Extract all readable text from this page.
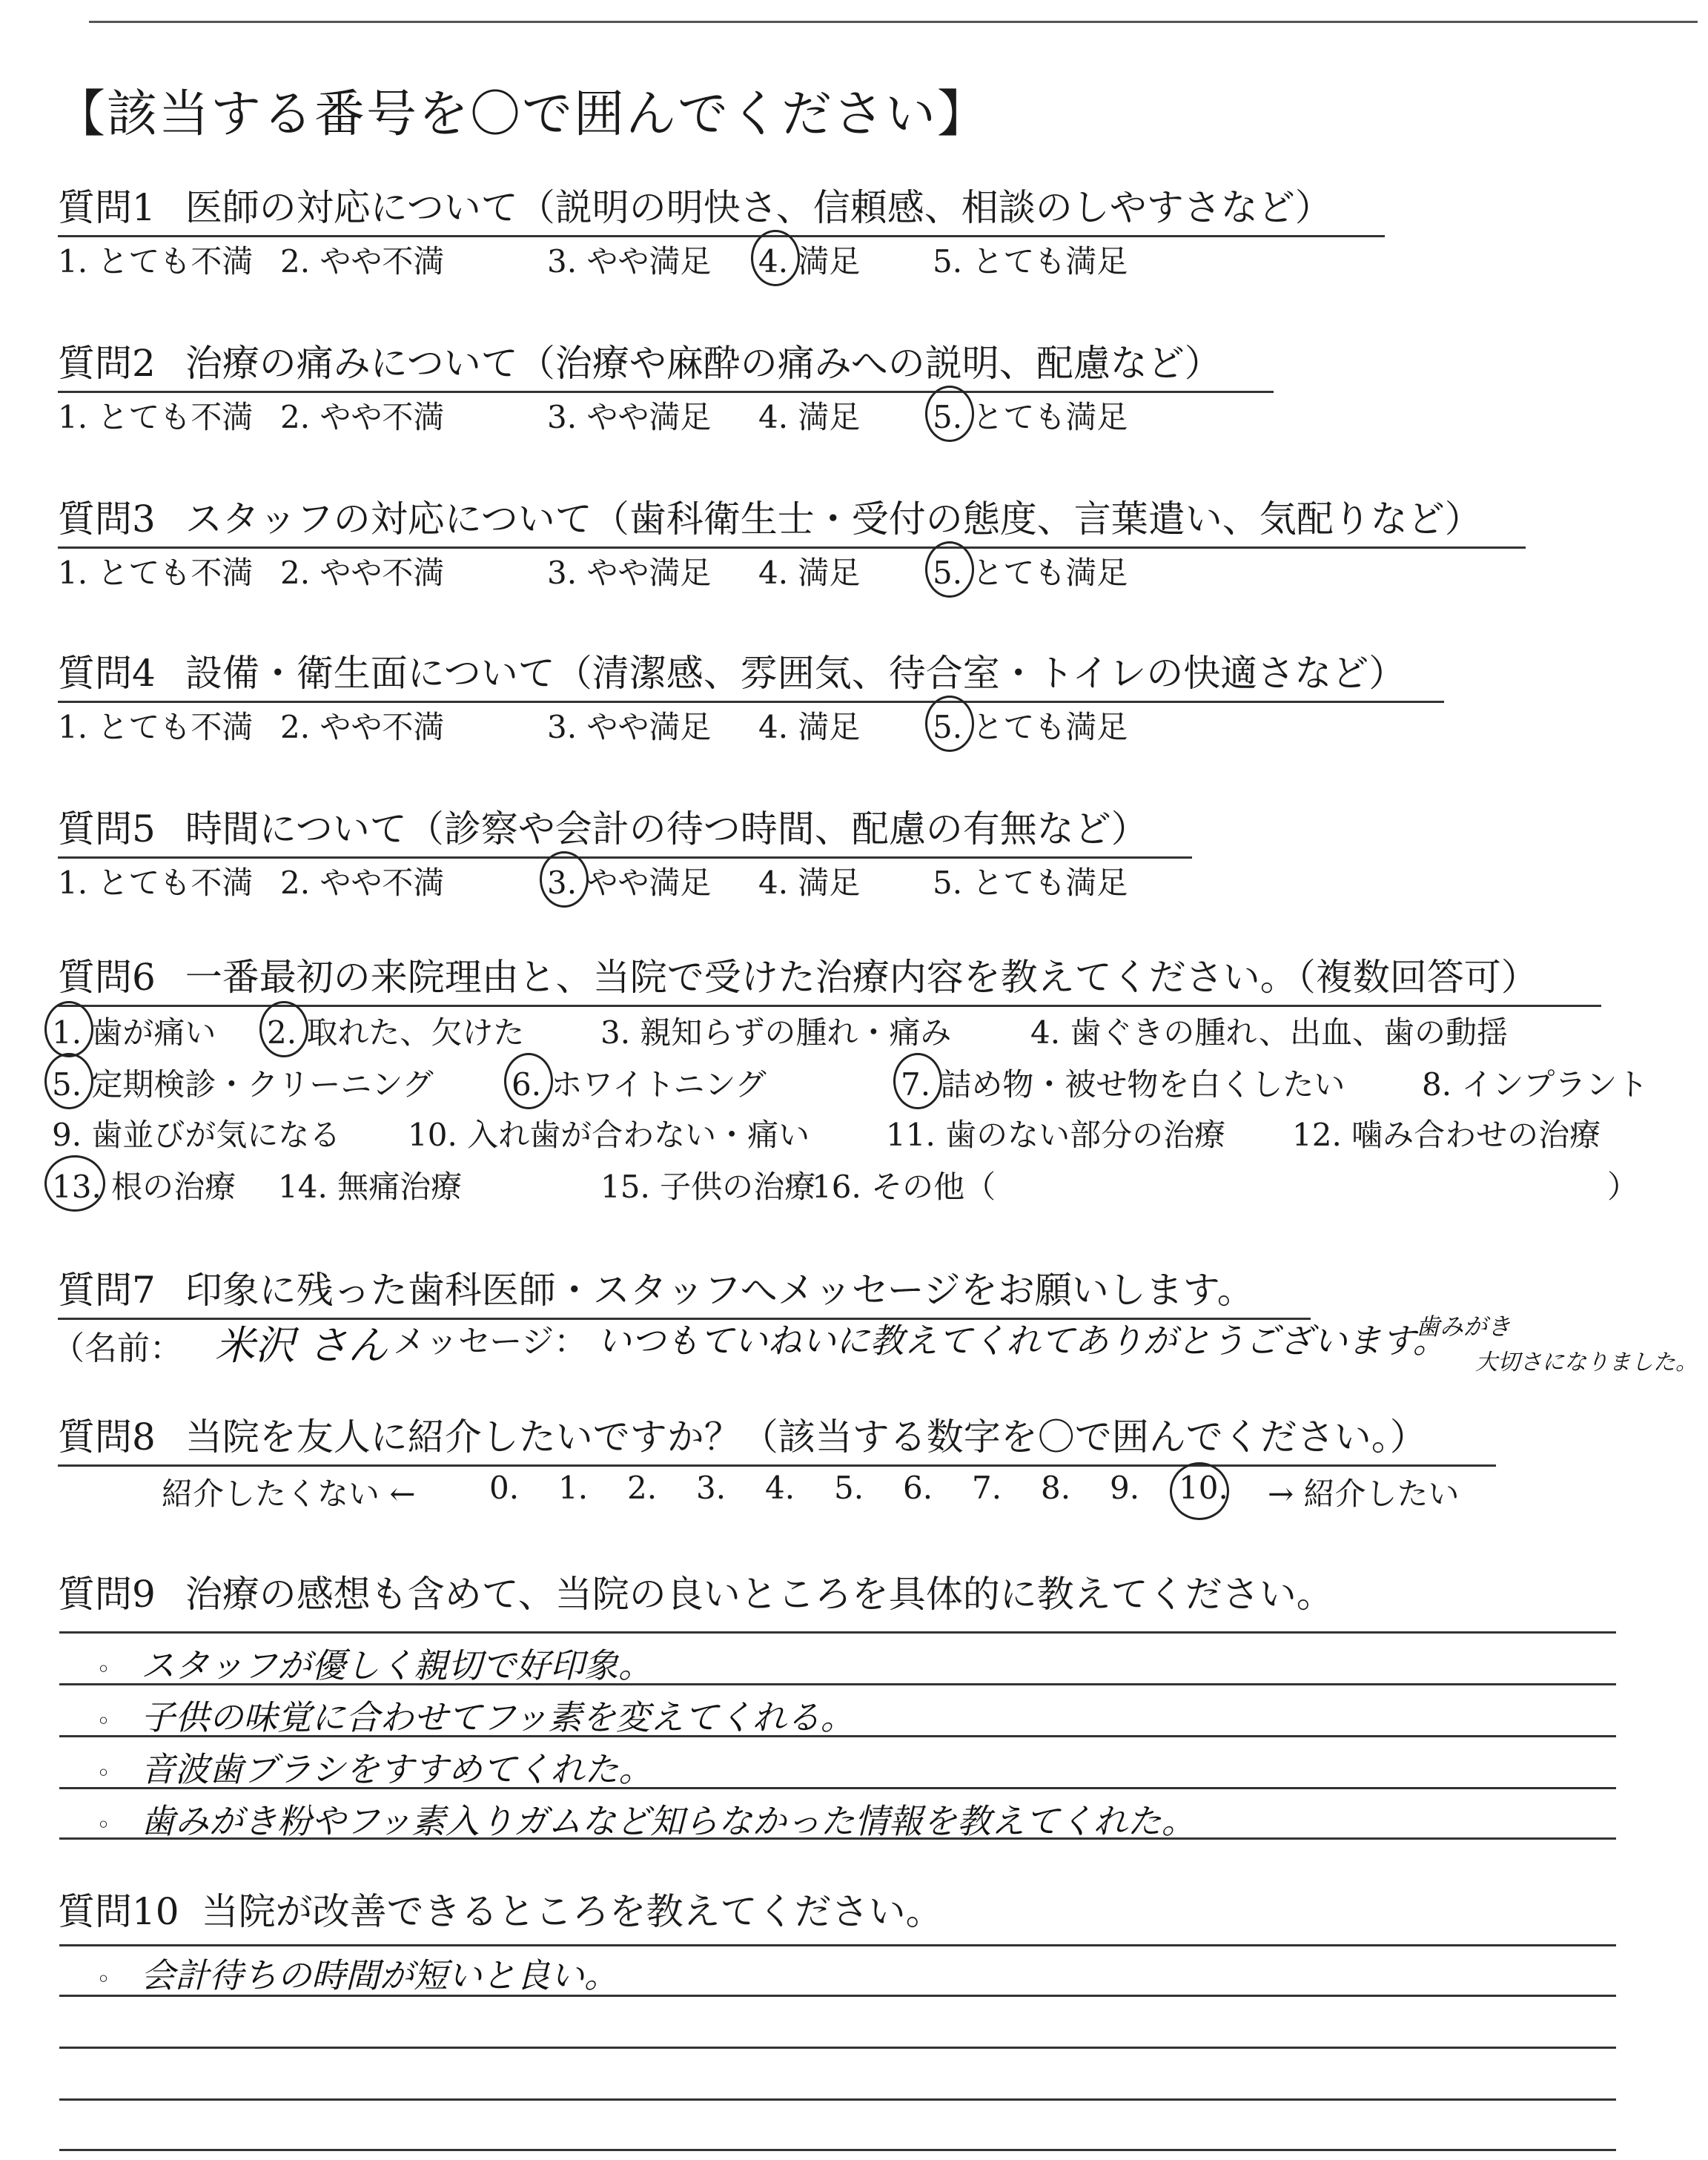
【該当する番号を〇で囲んでください】
質問1 医師の対応について（説明の明快さ、信頼感、相談のしやすさなど）
1. とても不満 2. やや不満	3. やや満足 4. 満足 5. とても満足
質問2 治療の痛みについて（治療や麻酔の痛みへの説明、配慮など）
1. とても不満 2. やや不満	3. やや満足 4. 満足 5. とても満足
質問3 スタッフの対応について（歯科衛生士・受付の態度、言葉遣い、気配りなど）
1. とても不満 2. やや不満	3. やや満足 4. 満足 5. とても満足
質問4 設備・衛生面について（清潔感、雰囲気、待合室・トイレの快適さなど）
1. とても不満 2. やや不満	3. やや満足 4. 満足 5. とても満足
質問5 時間について（診察や会計の待つ時間、配慮の有無など）
1. とても不満 2. やや不満	3. やや満足 4. 満足 5. とても満足
質問6 一番最初の来院理由と、当院で受けた治療内容を教えてください。（複数回答可）
1. 歯が痛い 2. 取れた、欠けた 3. 親知らずの腫れ・痛み	4. 歯ぐきの腫れ、出血、歯の動揺
5. 定期検診・クリーニング	6. ホワイトニング	7. 詰め物・被せ物を白くしたい 8. インプラント
9. 歯並びが気になる 10. 入れ歯が合わない・痛い 11. 歯のない部分の治療 12. 噛み合わせの治療
13. 根の治療 14. 無痛治療	15. 子供の治療
16. その他（	）
質問7 印象に残った歯科医師・スタッフへメッセージをお願いします。
（名前： 米沢 さん メッセージ： いつもていねいに教えてくれてありがとうございます。
歯みがき
大切さになりました。
質問8 当院を友人に紹介したいですか？（該当する数字を〇で囲んでください。）
紹介したくない ← 0. 1. 2. 3. 4. 5. 6. 7. 8. 9. 10. → 紹介したい
質問9 治療の感想も含めて、当院の良いところを具体的に教えてください。
◦ スタッフが優しく親切で好印象。
◦ 子供の味覚に合わせてフッ素を変えてくれる。
◦ 音波歯ブラシをすすめてくれた。
◦ 歯みがき粉やフッ素入りガムなど知らなかった情報を教えてくれた。
質問10 当院が改善できるところを教えてください。
◦ 会計待ちの時間が短いと良い。
